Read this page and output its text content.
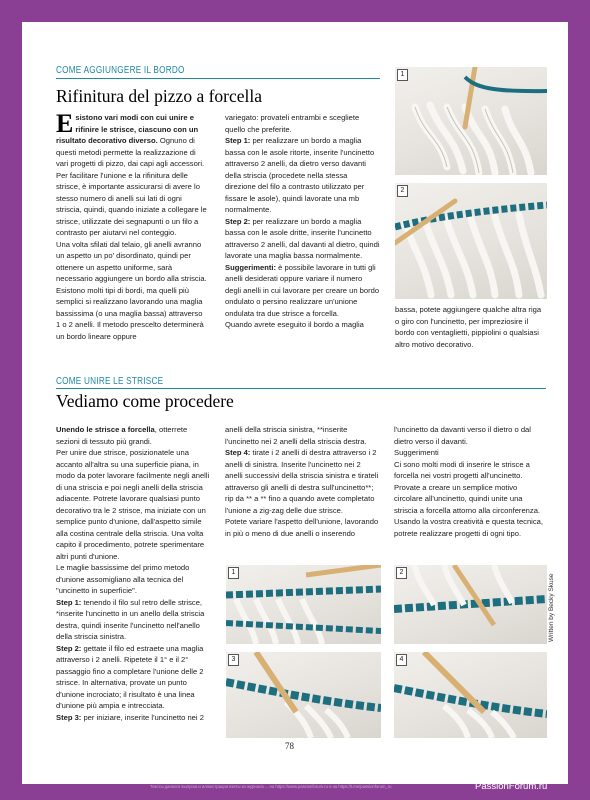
COME AGGIUNGERE IL BORDO
Rifinitura del pizzo a forcella

Esistono vari modi con cui unire e rifinire le strisce, ciascuno con un risultato decorativo diverso. Ognuno di questi metodi permette la realizzazione di vari progetti di pizzo, dai capi agli accessori.

Per facilitare l'unione e la rifinitura delle strisce, è importante assicurarsi di avere lo stesso numero di anelli sui lati di ogni striscia, quindi, quando iniziate a collegare le strisce, utilizzate dei segnapunti o un filo a contrasto per aiutarvi nel conteggio.

Una volta sfilati dal telaio, gli anelli avranno un aspetto un po' disordinato, quindi per ottenere un aspetto uniforme, sarà necessario aggiungere un bordo alla striscia. Esistono molti tipi di bordi, ma quelli più semplici si realizzano lavorando una maglia bassissima (o una maglia bassa) attraverso 1 o 2 anelli. Il metodo prescelto determinerà un bordo lineare oppure

variegato: provateli entrambi e scegliete quello che preferite.

Step 1: per realizzare un bordo a maglia bassa con le asole ritorte, inserite l'uncinetto attraverso 2 anelli, da dietro verso davanti della striscia (procedete nella stessa direzione del filo a contrasto utilizzato per fissare le asole), quindi lavorate una mb normalmente.

Step 2: per realizzare un bordo a maglia bassa con le asole dritte, inserite l'uncinetto attraverso 2 anelli, dal davanti al dietro, quindi lavorate una maglia bassa normalmente.

Suggerimenti: è possibile lavorare in tutti gli anelli desiderati oppure variare il numero degli anelli in cui lavorare per creare un bordo ondulato o persino realizzare un'unione ondulata tra due strisce a forcella.

Quando avrete eseguito il bordo a maglia

1
2

bassa, potete aggiungere qualche altra riga o giro con l'uncinetto, per impreziosire il bordo con ventaglietti, pippiolini o qualsiasi altro motivo decorativo.

COME UNIRE LE STRISCE
Vediamo come procedere

Unendo le strisce a forcella, otterrete sezioni di tessuto più grandi.

Per unire due strisce, posizionatele una accanto all'altra su una superficie piana, in modo da poter lavorare facilmente negli anelli di una striscia e poi negli anelli della striscia adiacente. Potrete lavorare qualsiasi punto decorativo tra le 2 strisce, ma iniziate con un semplice punto d'unione, dall'aspetto simile alla costina centrale della striscia. Una volta capito il procedimento, potrete sperimentare altri punti d'unione.

Le maglie bassissime del primo metodo d'unione assomigliano alla tecnica del "uncinetto in superficie".

Step 1: tenendo il filo sul retro delle strisce, *inserite l'uncinetto in un anello della striscia destra, quindi inserite l'uncinetto nell'anello della striscia sinistra.

Step 2: gettate il filo ed estraete una maglia attraverso i 2 anelli. Ripetete il 1° e il 2° passaggio fino a completare l'unione delle 2 strisce. In alternativa, provate un punto d'unione incrociato; il risultato è una linea d'unione più ampia e intrecciata.

Step 3: per iniziare, inserite l'uncinetto nei 2

anelli della striscia sinistra, **inserite l'uncinetto nei 2 anelli della striscia destra.

Step 4: tirate i 2 anelli di destra attraverso i 2 anelli di sinistra. Inserite l'uncinetto nei 2 anelli successivi della striscia sinistra e tirateli attraverso gli anelli di destra sull'uncinetto**; rip da ** a ** fino a quando avete completato l'unione a zig-zag delle due strisce.

Potete variare l'aspetto dell'unione, lavorando in più o meno di due anelli o inserendo

l'uncinetto da davanti verso il dietro o dal dietro verso il davanti.

Suggerimenti

Ci sono molti modi di inserire le strisce a forcella nei vostri progetti all'uncinetto. Provate a creare un semplice motivo circolare all'uncinetto, quindi unite una striscia a forcella attorno alla circonferenza. Usando la vostra creatività e questa tecnica, potrete realizzare progetti di ogni tipo.

1	2
3	4
Written by Becky Skuse
78
Тексты данного выпуска и иллюстрации взяты из журнала ... на https://www.passionforum.ru и на https://t.me/passionforum_ru	PassionForum.ru
